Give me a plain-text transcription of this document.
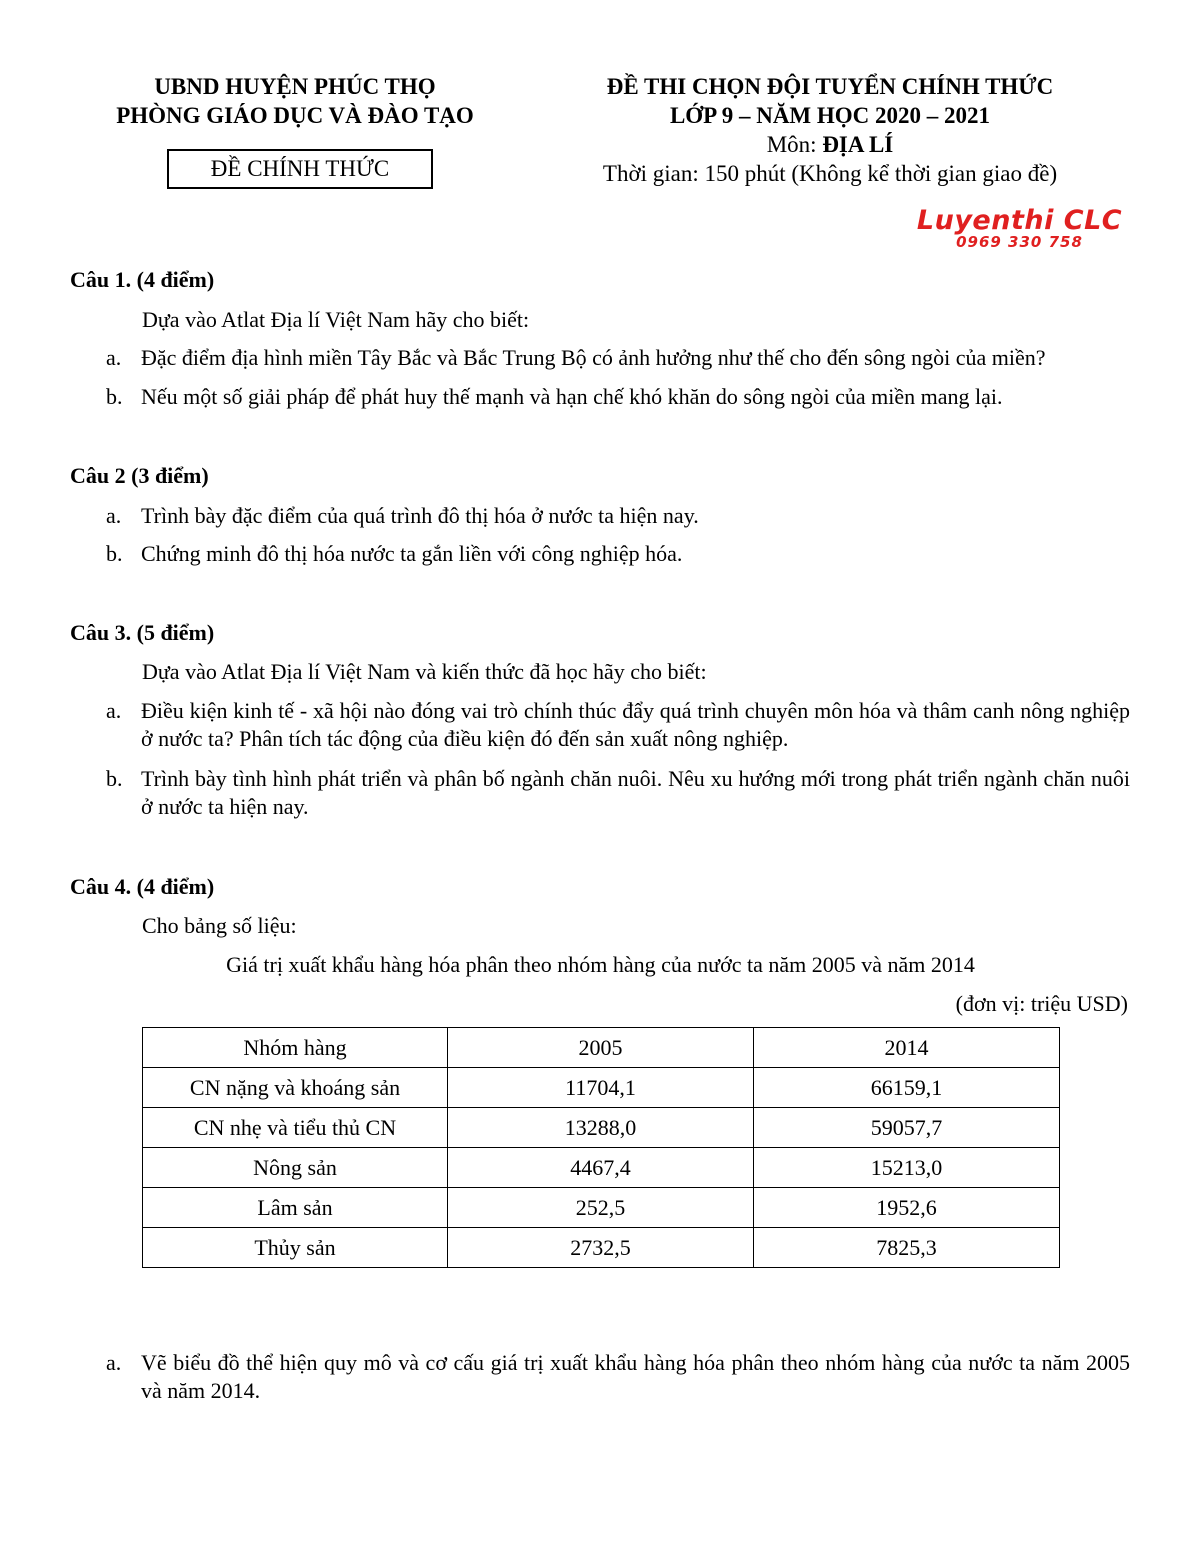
UBND HUYỆN PHÚC THỌ
PHÒNG GIÁO DỤC VÀ ĐÀO TẠO
ĐỀ CHÍNH THỨC
ĐỀ THI CHỌN ĐỘI TUYỂN CHÍNH THỨC
LỚP 9 – NĂM HỌC 2020 – 2021
Môn: ĐỊA LÍ
Thời gian: 150 phút (Không kể thời gian giao đề)
Luyenthi CLC
0969 330 758
Câu 1. (4 điểm)
Dựa vào Atlat Địa lí Việt Nam hãy cho biết:
a. Đặc điểm địa hình miền Tây Bắc và Bắc Trung Bộ có ảnh hưởng như thế cho đến sông ngòi của miền?
b. Nếu một số giải pháp để phát huy thế mạnh và hạn chế khó khăn do sông ngòi của miền mang lại.
Câu 2 (3 điểm)
a. Trình bày đặc điểm của quá trình đô thị hóa ở nước ta hiện nay.
b. Chứng minh đô thị hóa nước ta gắn liền với công nghiệp hóa.
Câu 3. (5 điểm)
Dựa vào Atlat Địa lí Việt Nam và kiến thức đã học hãy cho biết:
a. Điều kiện kinh tế - xã hội nào đóng vai trò chính thúc đẩy quá trình chuyên môn hóa và thâm canh nông nghiệp ở nước ta? Phân tích tác động của điều kiện đó đến sản xuất nông nghiệp.
b. Trình bày tình hình phát triển và phân bố ngành chăn nuôi. Nêu xu hướng mới trong phát triển ngành chăn nuôi ở nước ta hiện nay.
Câu 4. (4 điểm)
Cho bảng số liệu:
Giá trị xuất khẩu hàng hóa phân theo nhóm hàng của nước ta năm 2005 và năm 2014
(đơn vị: triệu USD)
Nhóm hàng	2005	2014
CN nặng và khoáng sản	11704,1	66159,1
CN nhẹ và tiểu thủ CN	13288,0	59057,7
Nông sản	4467,4	15213,0
Lâm sản	252,5	1952,6
Thủy sản	2732,5	7825,3
a. Vẽ biểu đồ thể hiện quy mô và cơ cấu giá trị xuất khẩu hàng hóa phân theo nhóm hàng của nước ta năm 2005 và năm 2014.
